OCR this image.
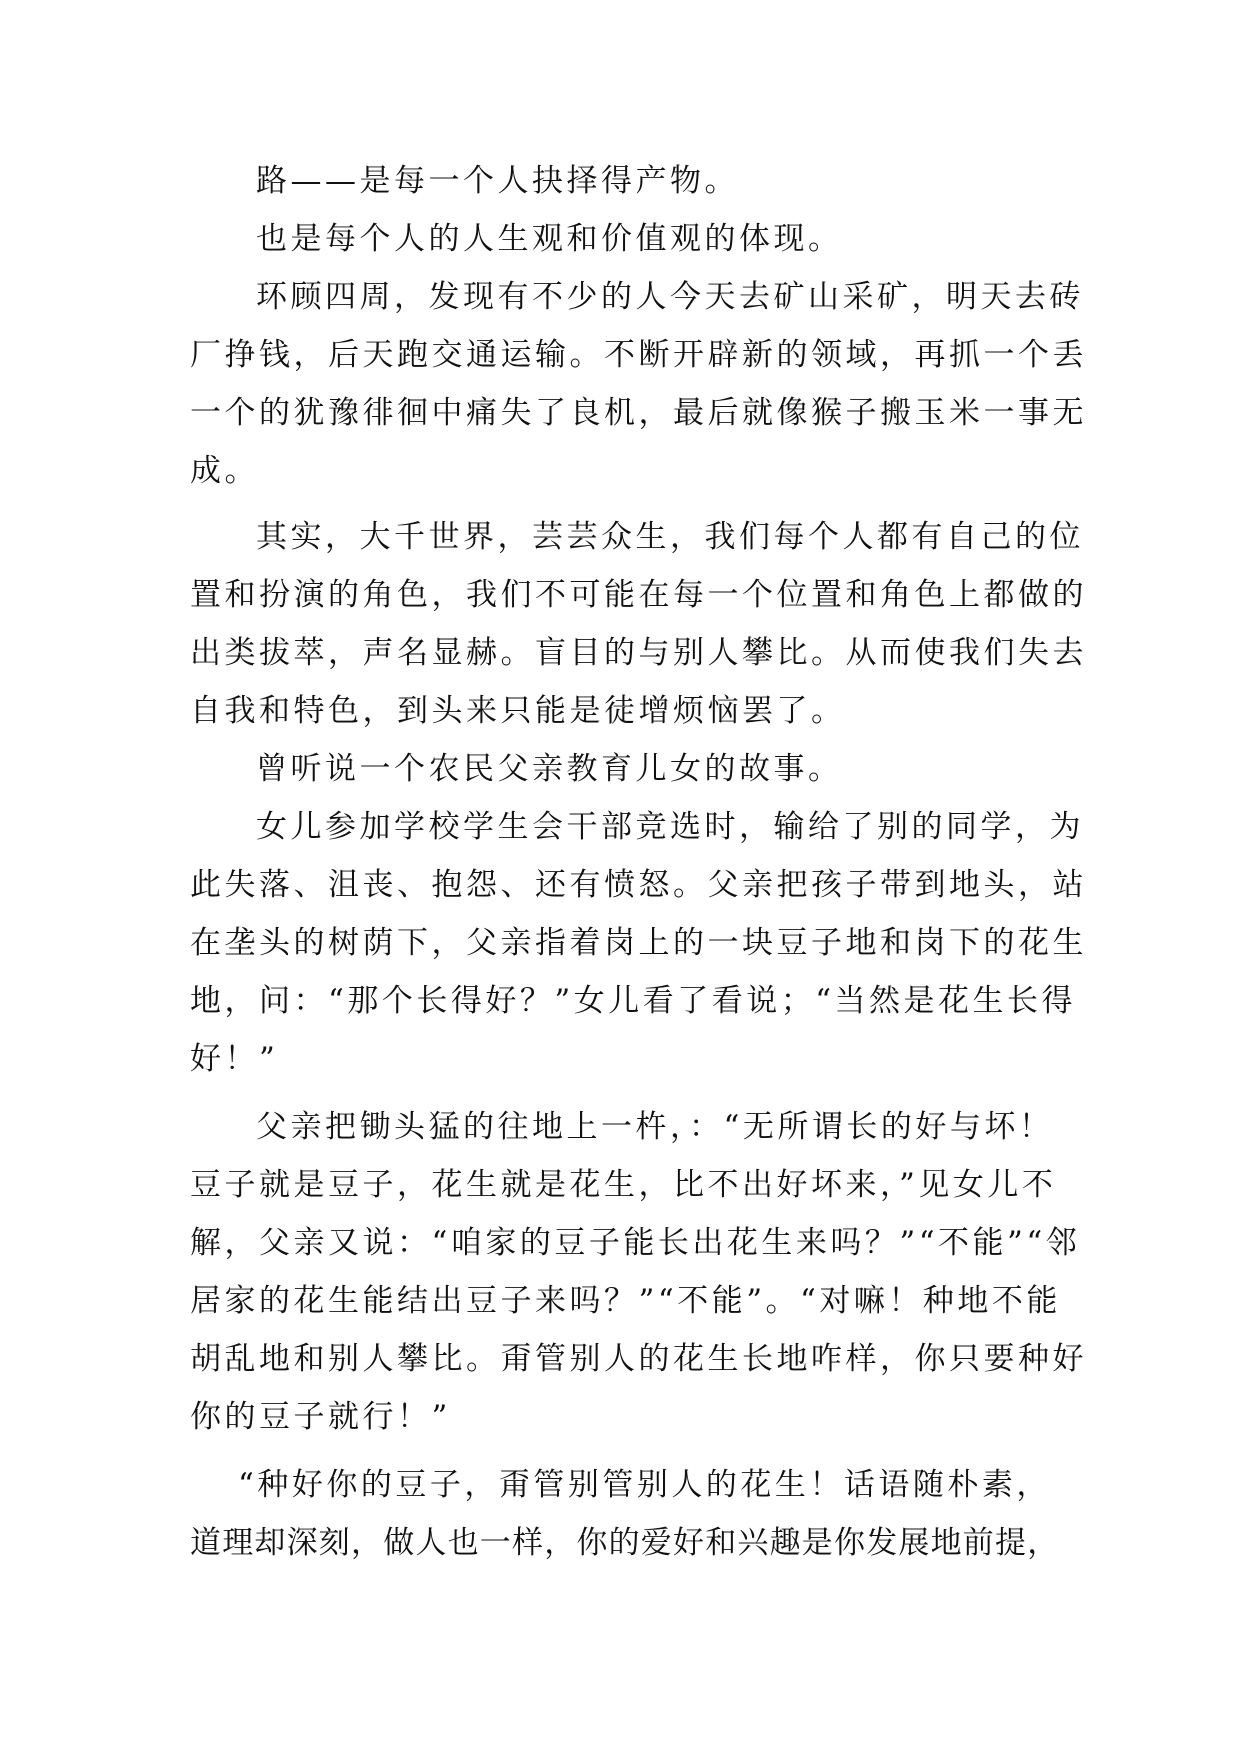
路——是每一个人抉择得产物。
也是每个人的人生观和价值观的体现。
环顾四周，发现有不少的人今天去矿山采矿，明天去砖
厂挣钱，后天跑交通运输。不断开辟新的领域，再抓一个丢
一个的犹豫徘徊中痛失了良机，最后就像猴子搬玉米一事无
成。
其实，大千世界，芸芸众生，我们每个人都有自己的位
置和扮演的角色，我们不可能在每一个位置和角色上都做的
出类拔萃，声名显赫。盲目的与别人攀比。从而使我们失去
自我和特色，到头来只能是徒增烦恼罢了。
曾听说一个农民父亲教育儿女的故事。
女儿参加学校学生会干部竞选时，输给了别的同学，为
此失落、沮丧、抱怨、还有愤怒。父亲把孩子带到地头，站
在垄头的树荫下，父亲指着岗上的一块豆子地和岗下的花生
地，问：“那个长得好？”女儿看了看说；“当然是花生长得
好！”
父亲把锄头猛的往地上一杵，：“无所谓长的好与坏！
豆子就是豆子，花生就是花生，比不出好坏来，”见女儿不
解，父亲又说：“咱家的豆子能长出花生来吗？”“不能”“邻
居家的花生能结出豆子来吗？”“不能”。“对嘛！种地不能
胡乱地和别人攀比。甭管别人的花生长地咋样，你只要种好
你的豆子就行！”
“种好你的豆子，甭管别管别人的花生！话语随朴素，
道理却深刻，做人也一样，你的爱好和兴趣是你发展地前提，
